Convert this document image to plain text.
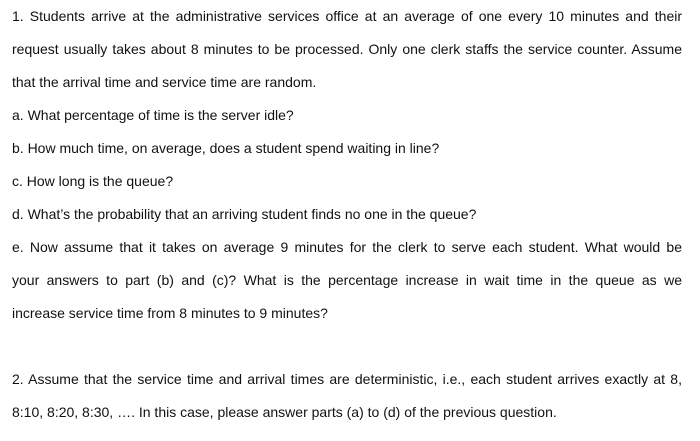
1. Students arrive at the administrative services office at an average of one every 10 minutes and their
request usually takes about 8 minutes to be processed. Only one clerk staffs the service counter. Assume
that the arrival time and service time are random.
a. What percentage of time is the server idle?
b. How much time, on average, does a student spend waiting in line?
c. How long is the queue?
d. What’s the probability that an arriving student finds no one in the queue?
e. Now assume that it takes on average 9 minutes for the clerk to serve each student. What would be
your answers to part (b) and (c)? What is the percentage increase in wait time in the queue as we
increase service time from 8 minutes to 9 minutes?
2. Assume that the service time and arrival times are deterministic, i.e., each student arrives exactly at 8,
8:10, 8:20, 8:30, …. In this case, please answer parts (a) to (d) of the previous question.
